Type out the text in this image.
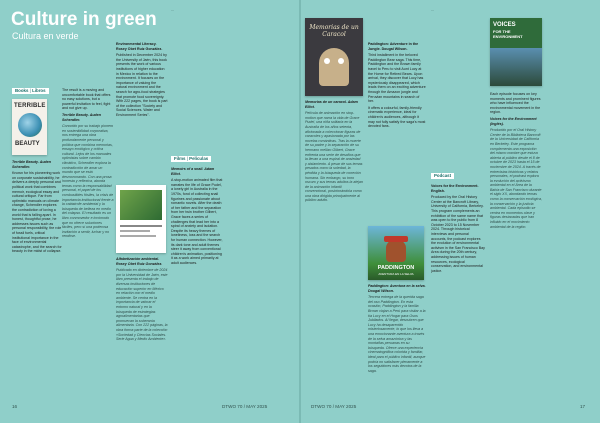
Culture in green
Cultura en verde
Books | Libros
TERRIBLE
BEAUTY

Terrible Beauty. Auden Schendler.

Known for his pioneering work on corporate sustainability, he delivers a deeply personal and political work that combines memoir, ecological essay and cultural critique. Far from optimistic manuals on climate change, Schendler explores the contradiction of loving a world that is falling apart. In honest, thoughtful prose, he addresses issues such as personal responsibility, the role of fossil fuels, critical institutional importance in the face of environmental catastrophe, and the search for beauty in the midst of collapse.

The result is a moving and uncomfortable book that offers no easy solutions, but a powerful invitation to feel, fight and not give up.

Terrible Beauty. Auden Schendler.

Conocido por su trabajo pionero en sostenibilidad corporativa, nos entrega una obra profundamente personal y política que combina memorias, ensayo ecológico y crítica cultural. Lejos de los manuales optimistas sobre cambio climático, Schendler explora la contradicción de amar un mundo que se está desmoronando. Con una prosa honesta y reflexiva, aborda temas como la responsabilidad personal, el papel de los combustibles fósiles, la crisis de importancia institucional frente a la catástrofe ambiental y la búsqueda de belleza en medio del colapso. El resultado es un libro conmovedor e incómodo que no ofrece soluciones fáciles, pero sí una poderosa invitación a sentir, luchar y no rendirse.

Environmental Literacy. Rosey Obet Ruiz González.

Published in December 2024 by the University of Jaén, this book presents the work of various institutions of higher education in Mexico in relation to the environment. It focuses on the importance of valuing the natural environment and the search for agro-food strategies that promote food sovereignty. With 222 pages, the book is part of the collection "Society and Social Sciences. Water and Environment Series".

Alfabetización ambiental. Rosey Obet Ruiz González.

Publicado en diciembre de 2024 por la Universidad de Jaén, este libro presenta el trabajo de diversas instituciones de educación superior en México en relación con el medio ambiente. Se centra en la importancia de valorar el entorno natural y en la búsqueda de estrategias agroalimentarias que promuevan la soberanía alimentaria. Con 222 páginas, la obra forma parte de la colección «Sociedad y Ciencias Sociales. Serie Agua y Medio Ambiente».

…

Films | Películas

Memoirs of a snail. Adam Elliot.

A stop-motion animated film that narrates the life of Grace Pudel, a lonely girl in Australia in the 1970s, fond of collecting snail figurines and passionate about romantic novels. After the death of her father and the separation from her twin brother Gilbert, Grace faces a series of challenges that lead her into a spiral of anxiety and isolation. Despite its heavy themes of loneliness, loss and the search for human connection. However, its dark tone and adult themes steer it away from conventional children's animation, positioning it as a work aimed primarily at adult audiences.

Memorias de un Caracol

Memorias de un caracol. Adam Elliot.

Película de animación en stop-motion que narra la vida de Grace Pudel, una niña solitaria en la Australia de los años setenta, aficionada a coleccionar figuras de caracoles y apasionada por las novelas románticas. Tras la muerte de su padre y la separación de su hermano mellizo Gilbert, Grace enfrenta una serie de desafíos que la llevan a una espiral de ansiedad y aislamiento. A pesar de sus temas pesados como la soledad, la pérdida y la búsqueda de conexión humana. Sin embargo, su tono oscuro y sus temas adultos la alejan de la animación infantil convencional, posicionándola como una obra dirigida principalmente al público adulto.

Paddington: Adventure in the Jungle. Dougal Wilson.

Third installment in the beloved Paddington Bear saga. This time, Paddington and the Brown family travel to Peru to visit Aunt Lucy at the Home for Retired Bears. Upon arrival, they discover that Lucy has mysteriously disappeared, which leads them on an exciting adventure through the Amazon jungle and Peruvian mountains in search of her.

It offers a colourful, family-friendly cinematic experience, ideal for children's audiences, although it may not fully satisfy the saga's most devoted fans.

PADDINGTON
AVENTURA EN LA SELVA

Paddington: Aventura en la selva. Dougal Wilson.

Tercera entrega de la querida saga del oso Paddington. En esta ocasión, Paddington y la familia Brown viajan a Perú para visitar a la tía Lucy en el Hogar para Osos Jubilados. Al llegar, descubren que Lucy ha desaparecido misteriosamente, lo que los lleva a una emocionante aventura a través de la selva amazónica y las montañas peruanas en su búsqueda. Ofrece una experiencia cinematográfica colorida y familiar, ideal para el público infantil, aunque podría no satisfacer plenamente a los seguidores más devotos de la saga.

…

Podcast

Voices for the Environment. English.

Produced by the Oral History Center at the Bancroft Library, University of California, Berkeley. This program complements an exhibition of the same name that was open to the public from 8 October 2023 to 15 November 2024. Through historical interviews and personal accounts, the podcast explores the evolution of environmental activism in the San Francisco Bay Area during the 20th century, addressing issues of human resources, ecological conservation, and environmental justice.

VOICES
FOR THE
ENVIRONMENT

Each episode focuses on key moments and prominent figures who have influenced the environmental movement in the region.

Voices for the Environment (Inglés).

Producido por el Oral History Center de la Biblioteca Bancroft de la Universidad de California en Berkeley. Este programa complementa una exposición del mismo nombre que estuvo abierta al público desde el 8 de octubre de 2023 hasta el 15 de noviembre de 2024. A través de entrevistas históricas y relatos personales, el podcast explora la evolución del activismo ambiental en el Área de la Bahía de San Francisco durante el siglo XX, abordando temas como la conservación ecológica, la conservación y la justicia ambiental. Cada episodio se centra en momentos clave y figuras destacadas que han influido en el movimiento ambiental de la región.

16	DTWO 70 / MAY 2025	DTWO 70 / MAY 2025	17
